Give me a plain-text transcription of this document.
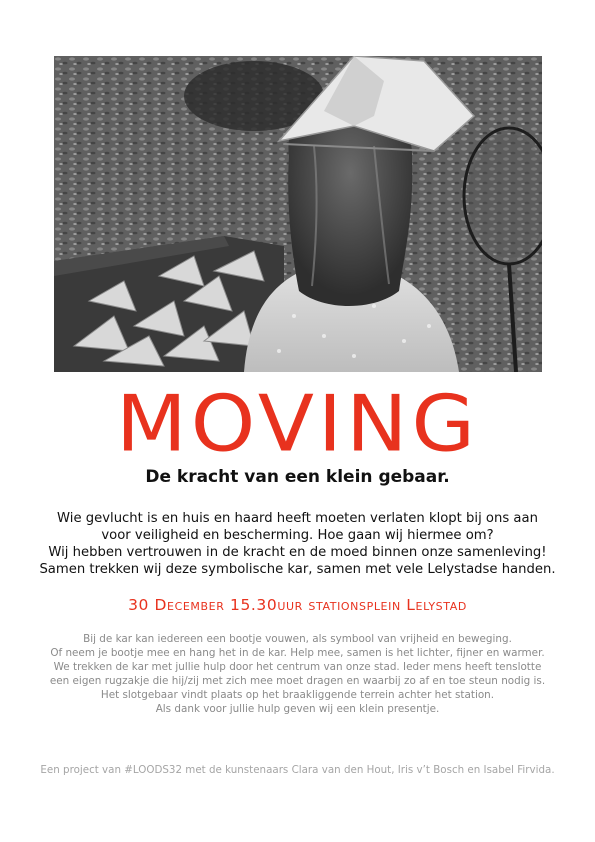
MOVING
De kracht van een klein gebaar.
Wie gevlucht is en huis en haard heeft moeten verlaten klopt bij ons aan
voor veiligheid en bescherming. Hoe gaan wij hiermee om?
Wij hebben vertrouwen in de kracht en de moed binnen onze samenleving!
Samen trekken wij deze symbolische kar, samen met vele Lelystadse handen.
30 December 15.30uur stationsplein Lelystad
Bij de kar kan iedereen een bootje vouwen, als symbool van vrijheid en beweging.
Of neem je bootje mee en hang het in de kar. Help mee, samen is het lichter, fijner en warmer.
We trekken de kar met jullie hulp door het centrum van onze stad. Ieder mens heeft tenslotte
een eigen rugzakje die hij/zij met zich mee moet dragen en waarbij zo af en toe steun nodig is.
Het slotgebaar vindt plaats op het braakliggende terrein achter het station.
Als dank voor jullie hulp geven wij een klein presentje.
Een project van #LOODS32 met de kunstenaars Clara van den Hout, Iris v’t Bosch en Isabel Firvida.
